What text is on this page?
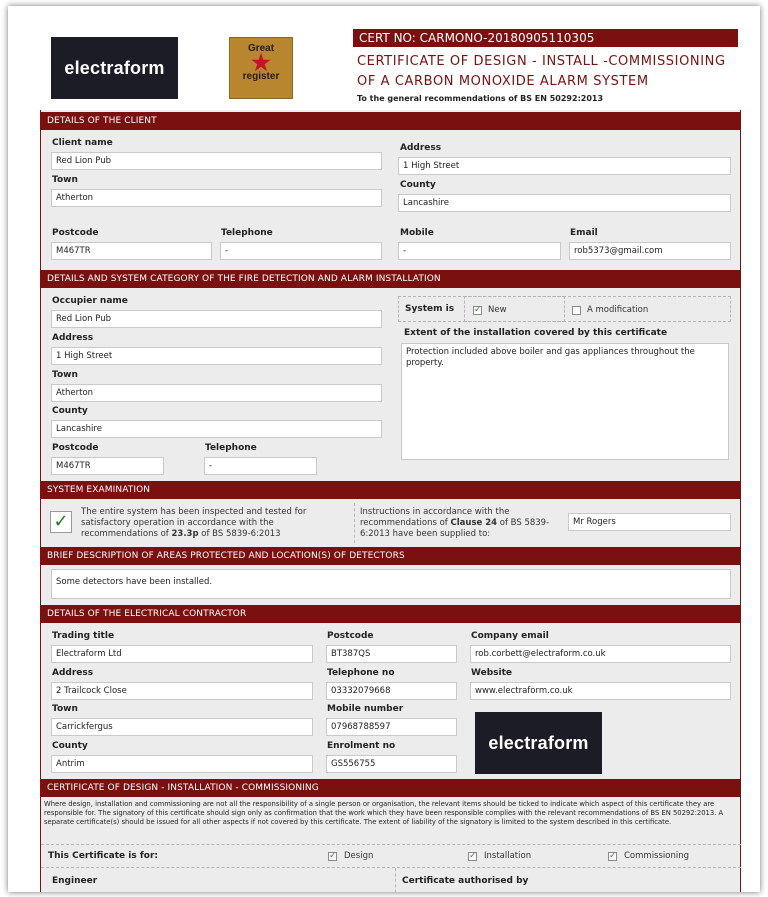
electraform
Great
★
register
CERT NO: CARMONO-20180905110305
CERTIFICATE OF DESIGN - INSTALL -COMMISSIONING
OF A CARBON MONOXIDE ALARM SYSTEM
To the general recommendations of BS EN 50292:2013
DETAILS OF THE CLIENT
Client name
Red Lion Pub
Address
1 High Street
Town
Atherton
County
Lancashire
Postcode
M467TR
Telephone
-
Mobile
-
Email
rob5373@gmail.com
DETAILS AND SYSTEM CATEGORY OF THE FIRE DETECTION AND ALARM INSTALLATION
Occupier name
Red Lion Pub
Address
1 High Street
Town
Atherton
County
Lancashire
Postcode
M467TR
Telephone
-
System is ✓ New	A modification
Extent of the installation covered by this certificate
Protection included above boiler and gas appliances throughout the property.
SYSTEM EXAMINATION
✓	The entire system has been inspected and tested for satisfactory operation in accordance with the recommendations of 23.3p of BS 5839-6:2013
Instructions in accordance with the recommendations of Clause 24 of BS 5839-6:2013 have been supplied to:
Mr Rogers
BRIEF DESCRIPTION OF AREAS PROTECTED AND LOCATION(S) OF DETECTORS
Some detectors have been installed.
DETAILS OF THE ELECTRICAL CONTRACTOR
Trading title
Electraform Ltd
Address
2 Trailcock Close
Town
Carrickfergus
County
Antrim
Postcode
BT387QS
Telephone no
03332079668
Mobile number
07968788597
Enrolment no
GS556755
Company email
rob.corbett@electraform.co.uk
Website
www.electraform.co.uk
electraform
CERTIFICATE OF DESIGN - INSTALLATION - COMMISSIONING
Where design, installation and commissioning are not all the responsibility of a single person or organisation, the relevant items should be ticked to indicate which aspect of this certificate they are responsible for. The signatory of this certificate should sign only as confirmation that the work which they have been responsible complies with the relevant recommendations of BS EN 50292:2013. A separate certificate(s) should be issued for all other aspects if not covered by this certificate. The extent of liability of the signatory is limited to the system described in this certificate.
This Certificate is for:	✓ Design	✓ Installation	✓ Commissioning
Engineer	Certificate authorised by
